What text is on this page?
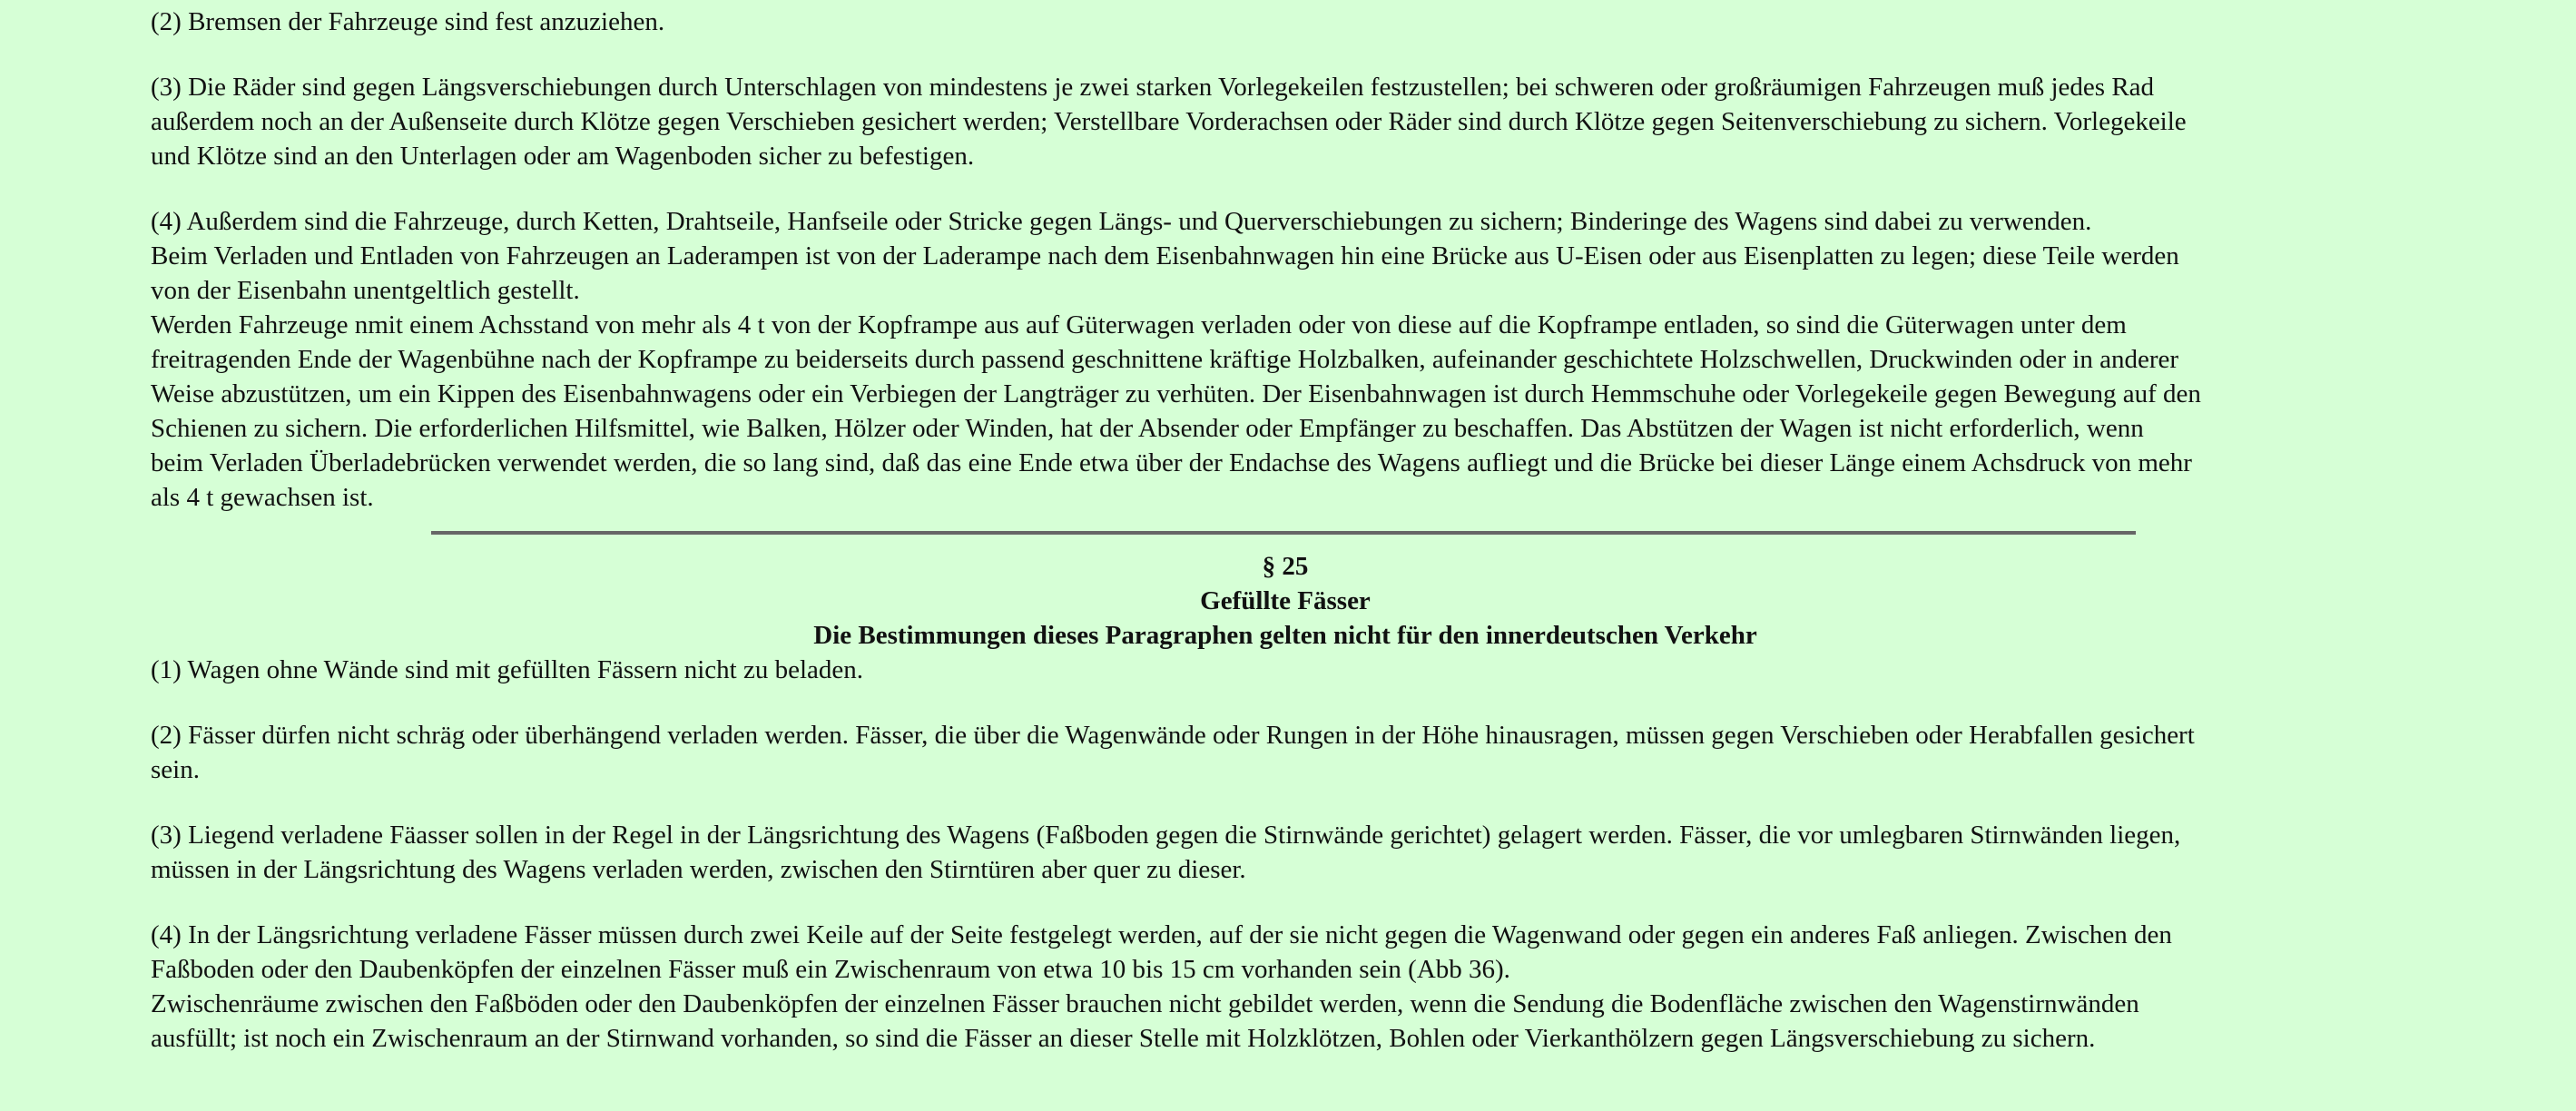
(2) Bremsen der Fahrzeuge sind fest anzuziehen.

(3) Die Räder sind gegen Längsverschiebungen durch Unterschlagen von mindestens je zwei starken Vorlegekeilen festzustellen; bei schweren oder großräumigen Fahrzeugen muß jedes Rad
außerdem noch an der Außenseite durch Klötze gegen Verschieben gesichert werden; Verstellbare Vorderachsen oder Räder sind durch Klötze gegen Seitenverschiebung zu sichern. Vorlegekeile
und Klötze sind an den Unterlagen oder am Wagenboden sicher zu befestigen.

(4) Außerdem sind die Fahrzeuge, durch Ketten, Drahtseile, Hanfseile oder Stricke gegen Längs- und Querverschiebungen zu sichern; Binderinge des Wagens sind dabei zu verwenden.
Beim Verladen und Entladen von Fahrzeugen an Laderampen ist von der Laderampe nach dem Eisenbahnwagen hin eine Brücke aus U-Eisen oder aus Eisenplatten zu legen; diese Teile werden
von der Eisenbahn unentgeltlich gestellt.
Werden Fahrzeuge nmit einem Achsstand von mehr als 4 t von der Kopframpe aus auf Güterwagen verladen oder von diese auf die Kopframpe entladen, so sind die Güterwagen unter dem
freitragenden Ende der Wagenbühne nach der Kopframpe zu beiderseits durch passend geschnittene kräftige Holzbalken, aufeinander geschichtete Holzschwellen, Druckwinden oder in anderer
Weise abzustützen, um ein Kippen des Eisenbahnwagens oder ein Verbiegen der Langträger zu verhüten. Der Eisenbahnwagen ist durch Hemmschuhe oder Vorlegekeile gegen Bewegung auf den
Schienen zu sichern. Die erforderlichen Hilfsmittel, wie Balken, Hölzer oder Winden, hat der Absender oder Empfänger zu beschaffen. Das Abstützen der Wagen ist nicht erforderlich, wenn
beim Verladen Überladebrücken verwendet werden, die so lang sind, daß das eine Ende etwa über der Endachse des Wagens aufliegt und die Brücke bei dieser Länge einem Achsdruck von mehr
als 4 t gewachsen ist.

§ 25

Gefüllte Fässer

Die Bestimmungen dieses Paragraphen gelten nicht für den innerdeutschen Verkehr

(1) Wagen ohne Wände sind mit gefüllten Fässern nicht zu beladen.

(2) Fässer dürfen nicht schräg oder überhängend verladen werden. Fässer, die über die Wagenwände oder Rungen in der Höhe hinausragen, müssen gegen Verschieben oder Herabfallen gesichert
sein.

(3) Liegend verladene Fäasser sollen in der Regel in der Längsrichtung des Wagens (Faßboden gegen die Stirnwände gerichtet) gelagert werden. Fässer, die vor umlegbaren Stirnwänden liegen,
müssen in der Längsrichtung des Wagens verladen werden, zwischen den Stirntüren aber quer zu dieser.

(4) In der Längsrichtung verladene Fässer müssen durch zwei Keile auf der Seite festgelegt werden, auf der sie nicht gegen die Wagenwand oder gegen ein anderes Faß anliegen. Zwischen den
Faßboden oder den Daubenköpfen der einzelnen Fässer muß ein Zwischenraum von etwa 10 bis 15 cm vorhanden sein (Abb 36).
Zwischenräume zwischen den Faßböden oder den Daubenköpfen der einzelnen Fässer brauchen nicht gebildet werden, wenn die Sendung die Bodenfläche zwischen den Wagenstirnwänden
ausfüllt; ist noch ein Zwischenraum an der Stirnwand vorhanden, so sind die Fässer an dieser Stelle mit Holzklötzen, Bohlen oder Vierkanthölzern gegen Längsverschiebung zu sichern.
